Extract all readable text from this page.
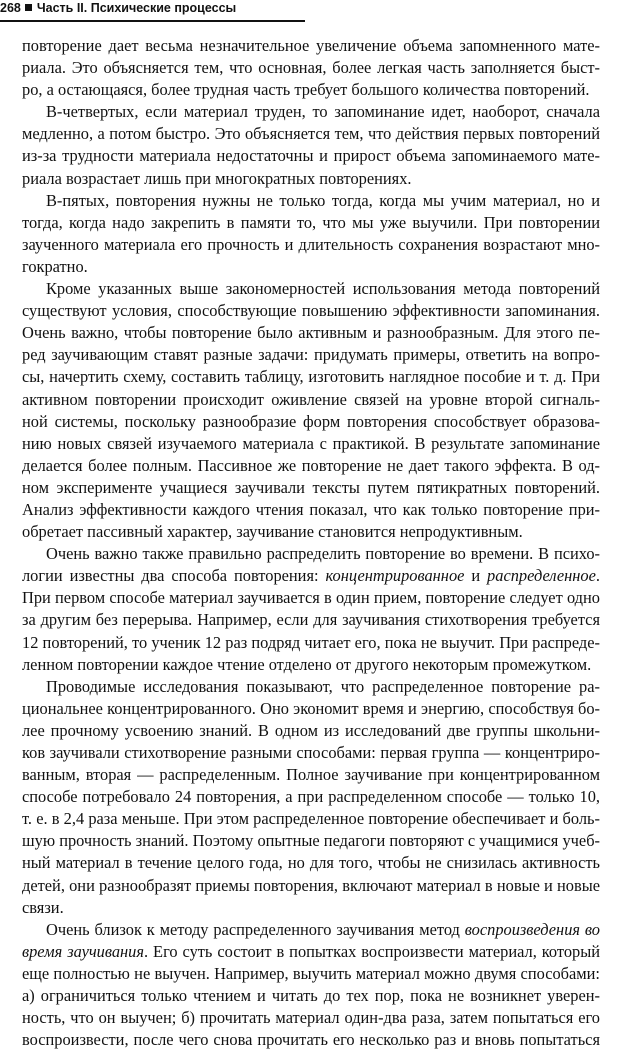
268 Часть II. Психические процессы
повторение дает весьма незначительное увеличение объема запомненного мате-
риала. Это объясняется тем, что основная, более легкая часть заполняется быст-
ро, а остающаяся, более трудная часть требует большого количества повторений.
В-четвертых, если материал труден, то запоминание идет, наоборот, сначала
медленно, а потом быстро. Это объясняется тем, что действия первых повторений
из-за трудности материала недостаточны и прирост объема запоминаемого мате-
риала возрастает лишь при многократных повторениях.
В-пятых, повторения нужны не только тогда, когда мы учим материал, но и
тогда, когда надо закрепить в памяти то, что мы уже выучили. При повторении
заученного материала его прочность и длительность сохранения возрастают мно-
гократно.
Кроме указанных выше закономерностей использования метода повторений
существуют условия, способствующие повышению эффективности запоминания.
Очень важно, чтобы повторение было активным и разнообразным. Для этого пе-
ред заучивающим ставят разные задачи: придумать примеры, ответить на вопро-
сы, начертить схему, составить таблицу, изготовить наглядное пособие и т. д. При
активном повторении происходит оживление связей на уровне второй сигналь-
ной системы, поскольку разнообразие форм повторения способствует образова-
нию новых связей изучаемого материала с практикой. В результате запоминание
делается более полным. Пассивное же повторение не дает такого эффекта. В од-
ном эксперименте учащиеся заучивали тексты путем пятикратных повторений.
Анализ эффективности каждого чтения показал, что как только повторение при-
обретает пассивный характер, заучивание становится непродуктивным.
Очень важно также правильно распределить повторение во времени. В психо-
логии известны два способа повторения: концентрированное и распределенное.
При первом способе материал заучивается в один прием, повторение следует одно
за другим без перерыва. Например, если для заучивания стихотворения требуется
12 повторений, то ученик 12 раз подряд читает его, пока не выучит. При распреде-
ленном повторении каждое чтение отделено от другого некоторым промежутком.
Проводимые исследования показывают, что распределенное повторение ра-
циональнее концентрированного. Оно экономит время и энергию, способствуя бо-
лее прочному усвоению знаний. В одном из исследований две группы школьни-
ков заучивали стихотворение разными способами: первая группа — концентриро-
ванным, вторая — распределенным. Полное заучивание при концентрированном
способе потребовало 24 повторения, а при распределенном способе — только 10,
т. е. в 2,4 раза меньше. При этом распределенное повторение обеспечивает и боль-
шую прочность знаний. Поэтому опытные педагоги повторяют с учащимися учеб-
ный материал в течение целого года, но для того, чтобы не снизилась активность
детей, они разнообразят приемы повторения, включают материал в новые и новые
связи.
Очень близок к методу распределенного заучивания метод воспроизведения во
время заучивания. Его суть состоит в попытках воспроизвести материал, который
еще полностью не выучен. Например, выучить материал можно двумя способами:
а) ограничиться только чтением и читать до тех пор, пока не возникнет уверен-
ность, что он выучен; б) прочитать материал один-два раза, затем попытаться его
воспроизвести, после чего снова прочитать его несколько раз и вновь попытаться
